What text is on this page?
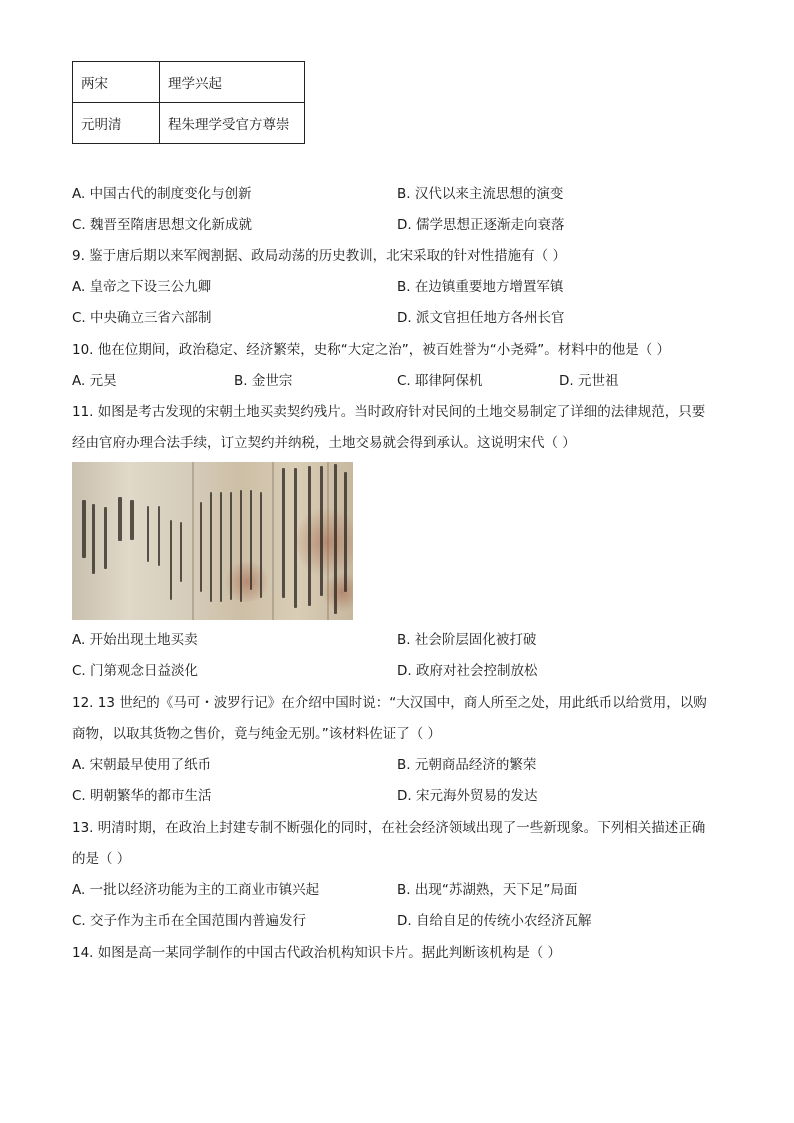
两宋	理学兴起
元明清	程朱理学受官方尊崇
A. 中国古代的制度变化与创新	B. 汉代以来主流思想的演变
C. 魏晋至隋唐思想文化新成就	D. 儒学思想正逐渐走向衰落
9. 鉴于唐后期以来军阀割据、政局动荡的历史教训，北宋采取的针对性措施有（ ）
A. 皇帝之下设三公九卿	B. 在边镇重要地方增置军镇
C. 中央确立三省六部制	D. 派文官担任地方各州长官
10. 他在位期间，政治稳定、经济繁荣，史称“大定之治”，被百姓誉为“小尧舜”。材料中的他是（ ）
A. 元昊	B. 金世宗	C. 耶律阿保机	D. 元世祖
11. 如图是考古发现的宋朝土地买卖契约残片。当时政府针对民间的土地交易制定了详细的法律规范，只要
经由官府办理合法手续，订立契约并纳税，土地交易就会得到承认。这说明宋代（ ）
A. 开始出现土地买卖	B. 社会阶层固化被打破
C. 门第观念日益淡化	D. 政府对社会控制放松
12. 13 世纪的《马可・波罗行记》在介绍中国时说：“大汉国中，商人所至之处，用此纸币以给赏用，以购
商物，以取其货物之售价，竟与纯金无别。”该材料佐证了（ ）
A. 宋朝最早使用了纸币	B. 元朝商品经济的繁荣
C. 明朝繁华的都市生活	D. 宋元海外贸易的发达
13. 明清时期，在政治上封建专制不断强化的同时，在社会经济领域出现了一些新现象。下列相关描述正确
的是（ ）
A. 一批以经济功能为主的工商业市镇兴起	B. 出现“苏湖熟，天下足”局面
C. 交子作为主币在全国范围内普遍发行	D. 自给自足的传统小农经济瓦解
14. 如图是高一某同学制作的中国古代政治机构知识卡片。据此判断该机构是（ ）
